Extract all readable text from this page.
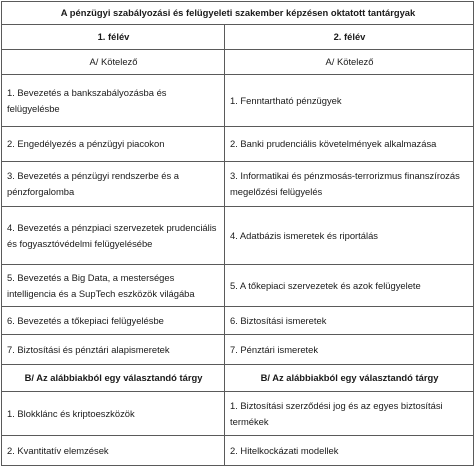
A pénzügyi szabályozási és felügyeleti szakember képzésen oktatott tantárgyak	
1. félév	2. félév
A/ Kötelező	A/ Kötelező
1. Bevezetés a bankszabályozásba és felügyelésbe	1. Fenntartható pénzügyek
2. Engedélyezés a pénzügyi piacokon	2. Banki prudenciális követelmények alkalmazása
3. Bevezetés a pénzügyi rendszerbe és a pénzforgalomba	3. Informatikai és pénzmosás-terrorizmus finanszírozás megelőzési felügyelés
4. Bevezetés a pénzpiaci szervezetek prudenciális és fogyasztóvédelmi felügyelésébe	4. Adatbázis ismeretek és riportálás
5. Bevezetés a Big Data, a mesterséges intelligencia és a SupTech eszközök világába	5. A tőkepiaci szervezetek és azok felügyelete
6. Bevezetés a tőkepiaci felügyelésbe	6. Biztosítási ismeretek
7. Biztosítási és pénztári alapismeretek	7. Pénztári ismeretek
B/ Az alábbiakból egy választandó tárgy	B/ Az alábbiakból egy választandó tárgy
1. Blokklánc és kriptoeszközök	1. Biztosítási szerződési jog és az egyes biztosítási termékek
2. Kvantitatív elemzések	2. Hitelkockázati modellek
